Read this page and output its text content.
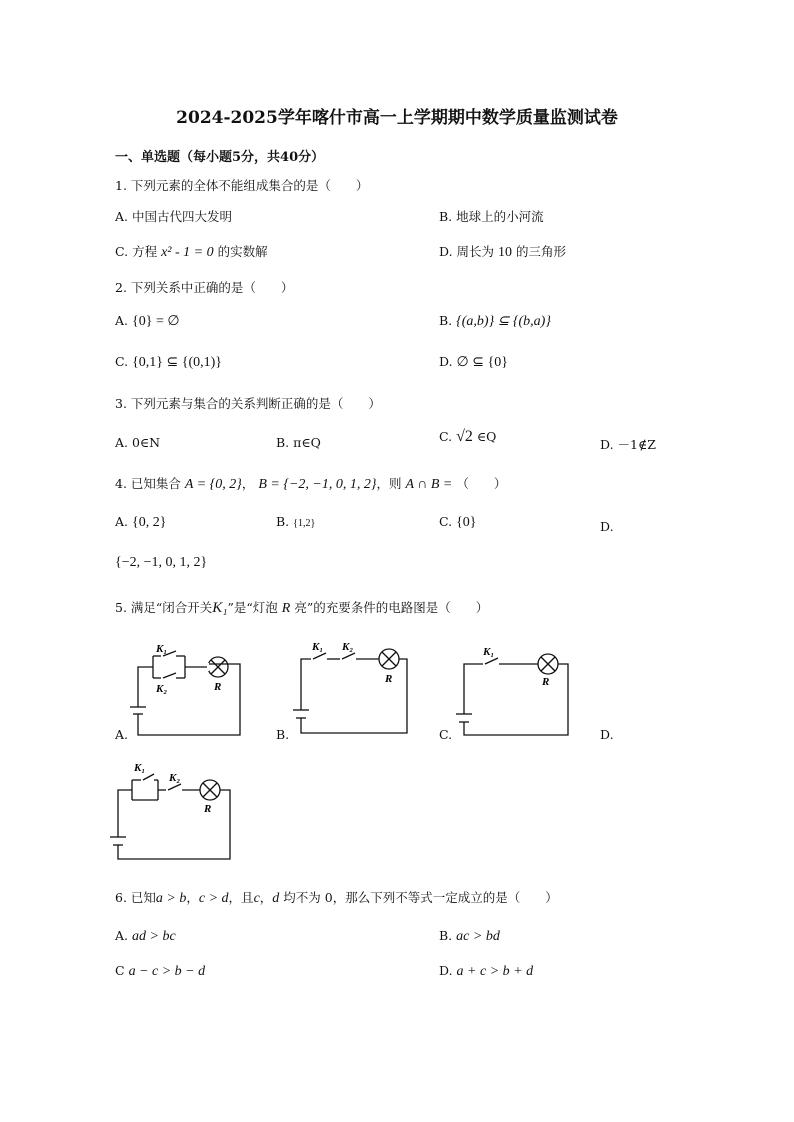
2024-2025学年喀什市高一上学期期中数学质量监测试卷
一、单选题（每小题5分，共40分）
1. 下列元素的全体不能组成集合的是（　　）
A. 中国古代四大发明	B. 地球上的小河流
C. 方程 x² - 1 = 0 的实数解	D. 周长为 10 的三角形
2. 下列关系中正确的是（　　）
A. {0} = ∅	B. {(a,b)} ⊆ {(b,a)}
C. {0,1} ⊆ {(0,1)}	D. ∅ ⊆ {0}
3. 下列元素与集合的关系判断正确的是（　　）
A. 0∈N	B. π∈Q	C. √2 ∈Q
D. －1∉Z
4. 已知集合 A = {0, 2}， B = {−2, −1, 0, 1, 2}，则 A ∩ B = （　　）
A. {0, 2}	B. {1,2}	C. {0}	D.
{−2, −1, 0, 1, 2}
5. 满足“闭合开关K₁”是“灯泡 R 亮”的充要条件的电路图是（　　）
K₁
K₂	R
A.
K₁ K₂
R
B.
K₁
R
C.	D.
K₁
K₂
R
6. 已知a > b，c > d，且c，d 均不为 0，那么下列不等式一定成立的是（　　）
A. ad > bc	B. ac > bd
C a − c > b − d	D. a + c > b + d
